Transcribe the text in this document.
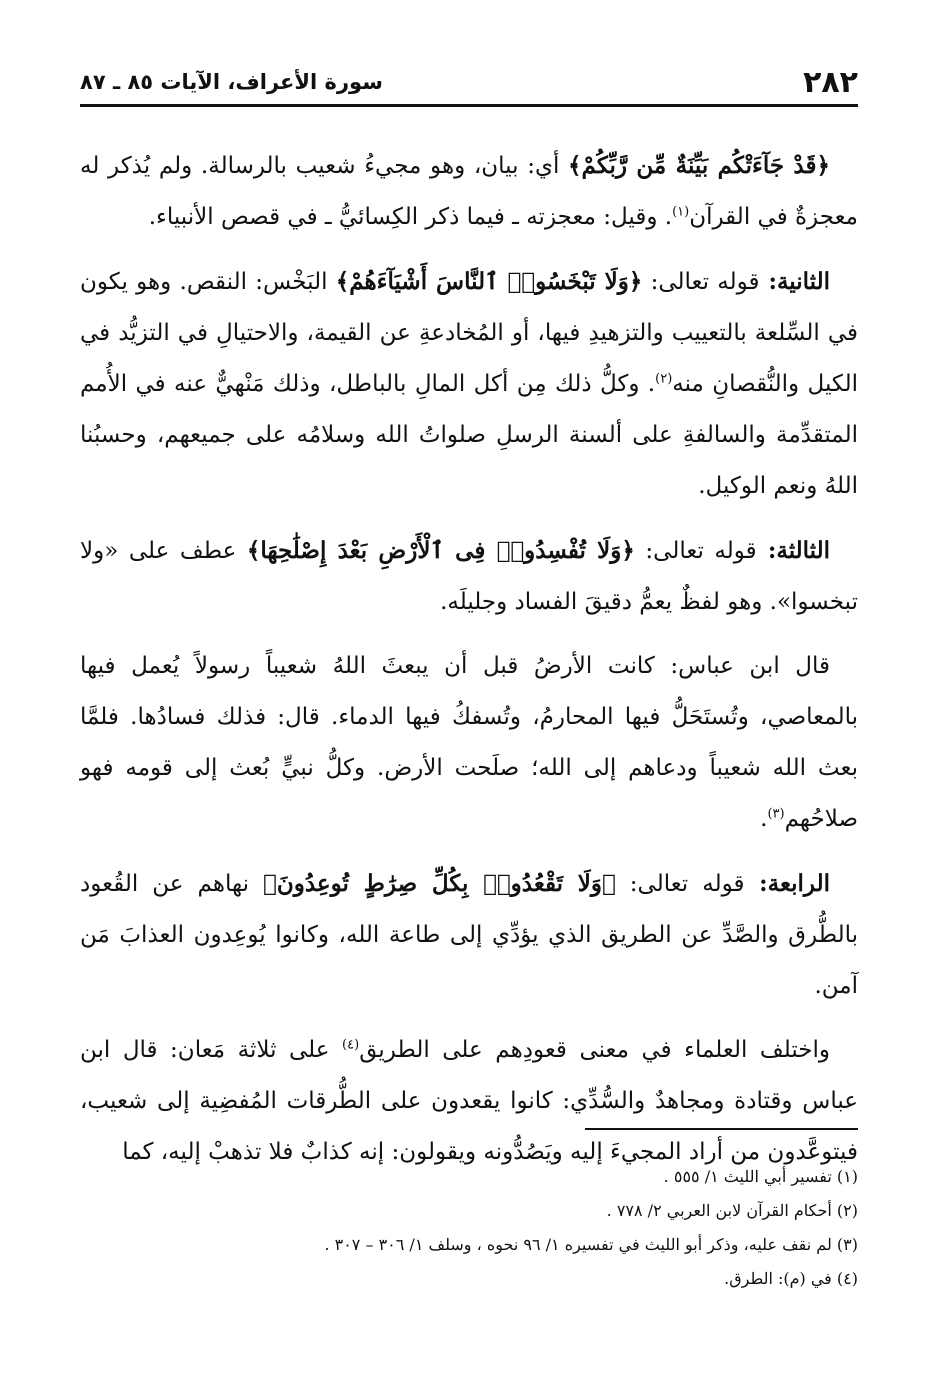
٢٨٢
سورة الأعراف، الآيات ٨٥ ـ ٨٧

﴿قَدْ جَآءَتْكُم بَيِّنَةٌ مِّن رَّبِّكُمْ﴾ أي: بيان، وهو مجيءُ شعيب بالرسالة. ولم يُذكر له معجزةٌ في القرآن$^{(١)}$. وقيل: معجزته ـ فيما ذكر الكِسائيُّ ـ في قصص الأنبياء.

الثانية: قوله تعالى: ﴿وَلَا تَبْخَسُوا۟ ٱلنَّاسَ أَشْيَآءَهُمْ﴾ البَخْس: النقص. وهو يكون في السِّلعة بالتعييب والتزهيدِ فيها، أو المُخادعةِ عن القيمة، والاحتيالِ في التزيُّد في الكيل والنُّقصانِ منه$^{(٢)}$. وكلُّ ذلك مِن أكل المالِ بالباطل، وذلك مَنْهيٌّ عنه في الأُمم المتقدِّمة والسالفةِ على ألسنة الرسلِ صلواتُ الله وسلامُه على جميعهم، وحسبُنا اللهُ ونعم الوكيل.

الثالثة: قوله تعالى: ﴿وَلَا تُفْسِدُوا۟ فِى ٱلْأَرْضِ بَعْدَ إِصْلَٰحِهَا﴾ عطف على «ولا تبخسوا». وهو لفظٌ يعمُّ دقيقَ الفساد وجليلَه.

قال ابن عباس: كانت الأرضُ قبل أن يبعثَ اللهُ شعيباً رسولاً يُعمل فيها بالمعاصي، وتُستَحَلُّ فيها المحارمُ، وتُسفكُ فيها الدماء. قال: فذلك فسادُها. فلمَّا بعث الله شعيباً ودعاهم إلى الله؛ صلَحت الأرض. وكلُّ نبيٍّ بُعث إلى قومه فهو صلاحُهم$^{(٣)}$.

الرابعة: قوله تعالى: ﴿وَلَا تَقْعُدُوا۟ بِكُلِّ صِرَٰطٍ تُوعِدُونَ﴾ نهاهم عن القُعود بالطُّرق والصَّدِّ عن الطريق الذي يؤدِّي إلى طاعة الله، وكانوا يُوعِدون العذابَ مَن آمن.

واختلف العلماء في معنى قعودِهم على الطريق$^{(٤)}$ على ثلاثة مَعان: قال ابن عباس وقتادة ومجاهدٌ والسُّدِّي: كانوا يقعدون على الطُّرقات المُفضِية إلى شعيب، فيتوعَّدون من أراد المجيءَ إليه ويَصُدُّونه ويقولون: إنه كذابٌ فلا تذهبْ إليه، كما

(١) تفسير أبي الليث ١/ ٥٥٥ .

(٢) أحكام القرآن لابن العربي ٢/ ٧٧٨ .

(٣) لم نقف عليه، وذكر أبو الليث في تفسيره ١/ ٩٦ نحوه ، وسلف ١/ ٣٠٦ – ٣٠٧ .

(٤) في (م): الطرق.
